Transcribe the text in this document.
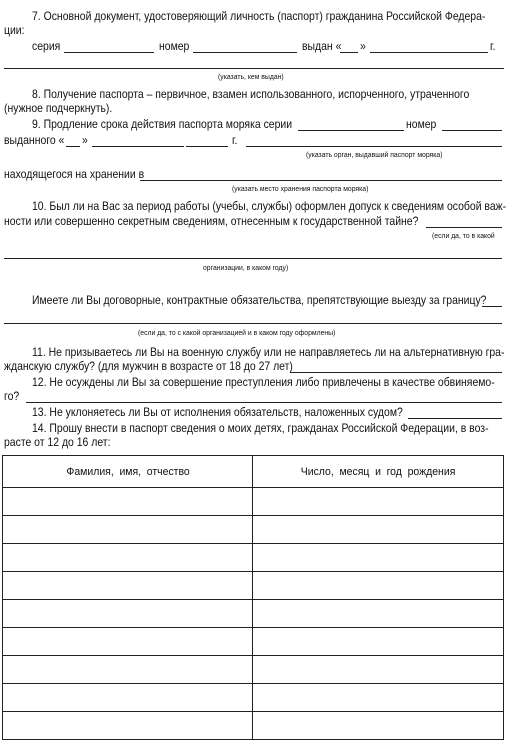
7. Основной документ, удостоверяющий личность (паспорт) гражданина Российской Федера-
ции:
серия	номер	выдан « »	г.
(указать, кем выдан)
8. Получение паспорта – первичное, взамен использованного, испорченного, утраченного
(нужное подчеркнуть).
9. Продление срока действия паспорта моряка серии	номер
выданного « »	г.
(указать орган, выдавший паспорт моряка)
находящегося на хранении в
(указать место хранения паспорта моряка)
10. Был ли на Вас за период работы (учебы, службы) оформлен допуск к сведениям особой важ-
ности или совершенно секретным сведениям, отнесенным к государственной тайне?
(если да, то в какой
организации, в каком году)
Имеете ли Вы договорные, контрактные обязательства, препятствующие выезду за границу?
(если да, то с какой организацией и в каком году оформлены)
11. Не призываетесь ли Вы на военную службу или не направляетесь ли на альтернативную гра-
жданскую службу? (для мужчин в возрасте от 18 до 27 лет)
12. Не осуждены ли Вы за совершение преступления либо привлечены в качестве обвиняемо-
го?
13. Не уклоняетесь ли Вы от исполнения обязательств, наложенных судом?
14. Прошу внести в паспорт сведения о моих детях, гражданах Российской Федерации, в воз-
расте от 12 до 16 лет:
Фамилия, имя, отчество	Число, месяц и год рождения
